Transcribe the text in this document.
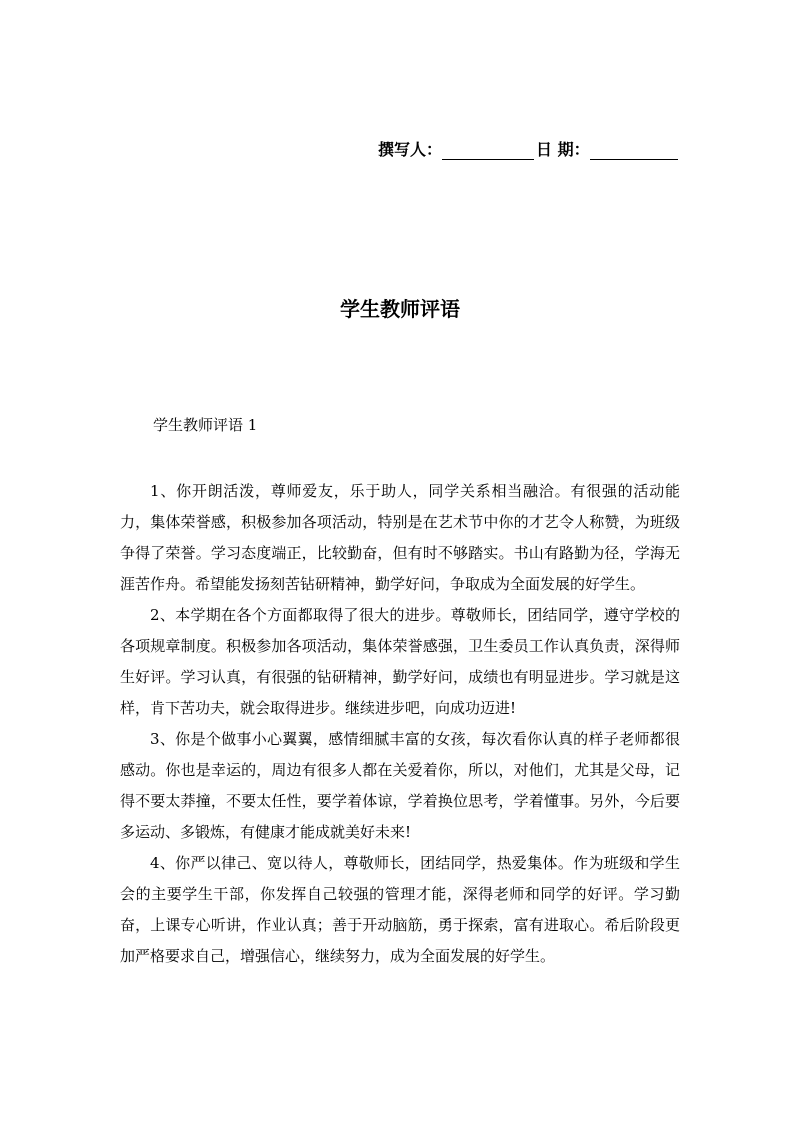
撰写人：	日 期：
学生教师评语
学生教师评语 1

1、你开朗活泼，尊师爱友，乐于助人，同学关系相当融洽。有很强的活动能力，集体荣誉感，积极参加各项活动，特别是在艺术节中你的才艺令人称赞，为班级争得了荣誉。学习态度端正，比较勤奋，但有时不够踏实。书山有路勤为径，学海无涯苦作舟。希望能发扬刻苦钻研精神，勤学好问，争取成为全面发展的好学生。

2、本学期在各个方面都取得了很大的进步。尊敬师长，团结同学，遵守学校的各项规章制度。积极参加各项活动，集体荣誉感强，卫生委员工作认真负责，深得师生好评。学习认真，有很强的钻研精神，勤学好问，成绩也有明显进步。学习就是这样，肯下苦功夫，就会取得进步。继续进步吧，向成功迈进!

3、你是个做事小心翼翼，感情细腻丰富的女孩，每次看你认真的样子老师都很感动。你也是幸运的，周边有很多人都在关爱着你，所以，对他们，尤其是父母，记得不要太莽撞，不要太任性，要学着体谅，学着换位思考，学着懂事。另外，今后要多运动、多锻炼，有健康才能成就美好未来!

4、你严以律己、宽以待人，尊敬师长，团结同学，热爱集体。作为班级和学生会的主要学生干部，你发挥自己较强的管理才能，深得老师和同学的好评。学习勤奋，上课专心听讲，作业认真；善于开动脑筋，勇于探索，富有进取心。希后阶段更加严格要求自己，增强信心，继续努力，成为全面发展的好学生。
